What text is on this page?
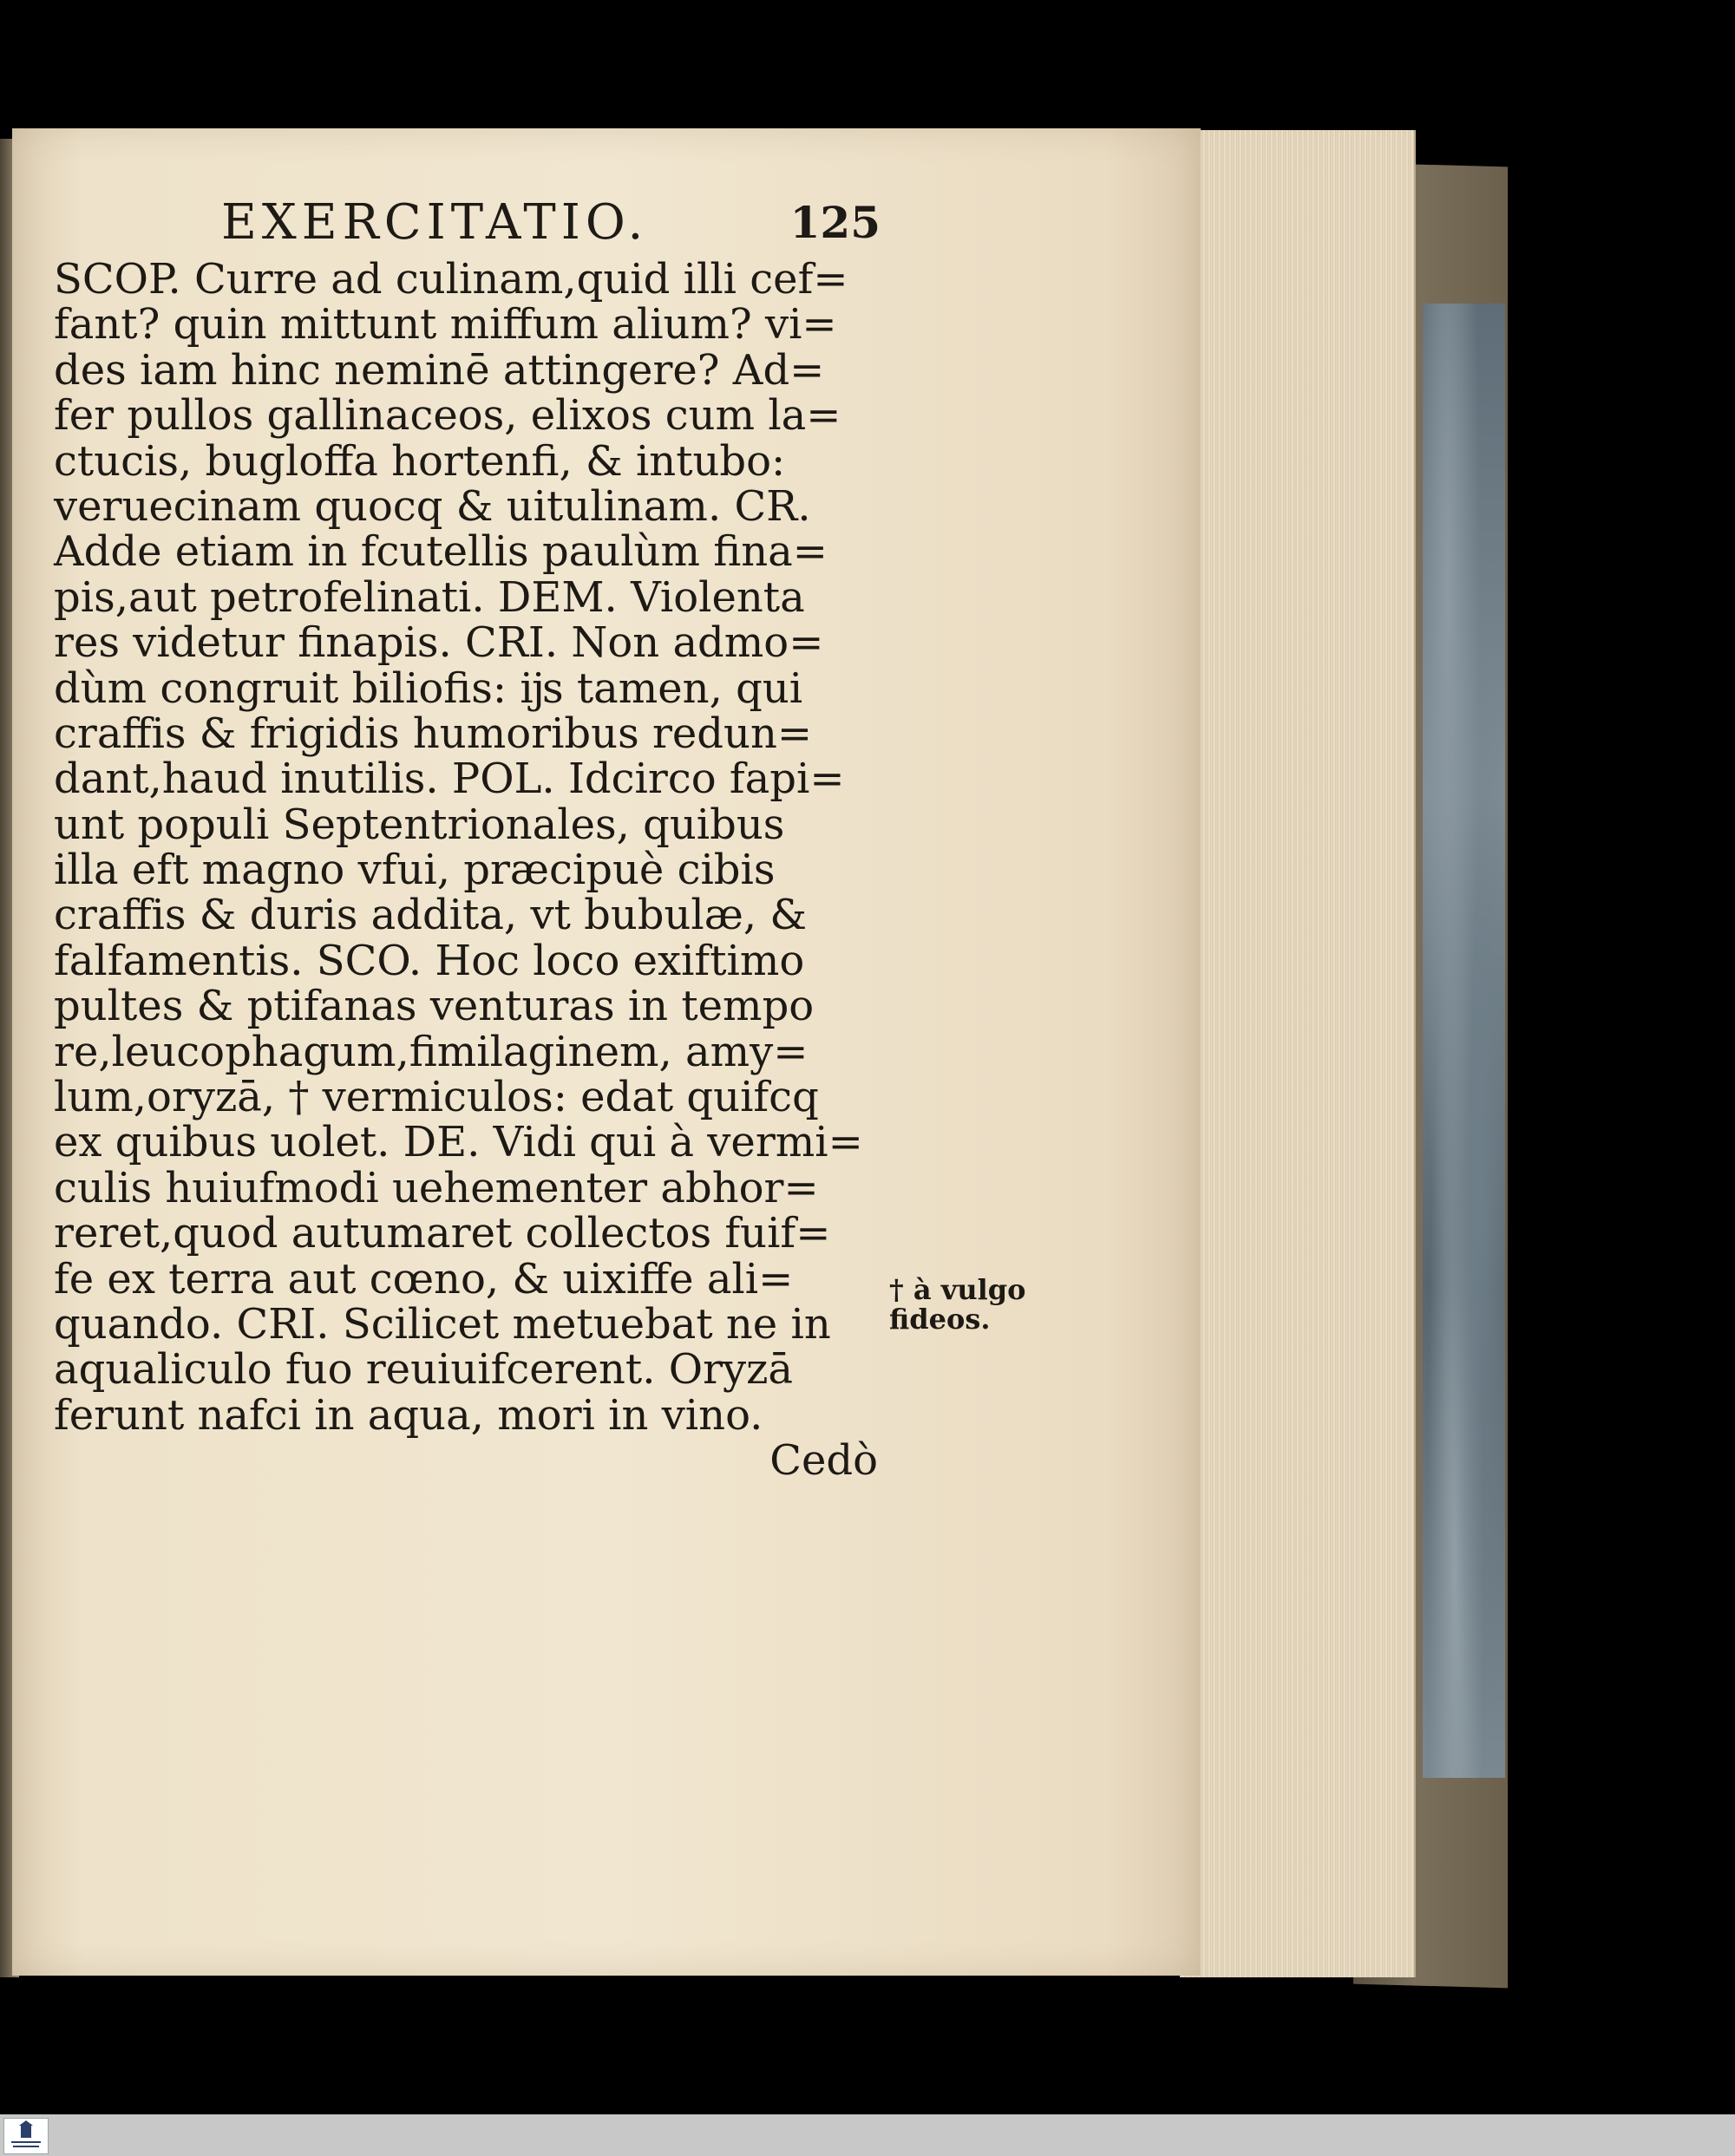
EXERCITATIO.	125
SCOP. Curre ad culinam,quid illi cef=
fant? quin mittunt miffum alium? vi=
des iam hinc neminē attingere? Ad=
fer pullos gallinaceos, elixos cum la=
ctucis, bugloffa hortenfi, & intubo:
veruecinam quocq & uitulinam. CR.
Adde etiam in fcutellis paulùm fina=
pis,aut petrofelinati. DEM. Violenta
res videtur finapis. CRI. Non admo=
dùm congruit biliofis: ĳs tamen, qui
craffis & frigidis humoribus redun=
dant,haud inutilis. POL. Idcirco fapi=
unt populi Septentrionales, quibus
illa eft magno vfui, præcipuè cibis
craffis & duris addita, vt bubulæ, &
falfamentis. SCO. Hoc loco exiftimo
pultes & ptifanas venturas in tempo
re,leucophagum,fimilaginem, amy=
lum,oryzā, † vermiculos: edat quifcq
ex quibus uolet. DE. Vidi qui à vermi=
culis huiufmodi uehementer abhor=
reret,quod autumaret collectos fuif=
fe ex terra aut cœno, & uixiffe ali=
quando. CRI. Scilicet metuebat ne in
aqualiculo fuo reuiuifcerent. Oryzā
ferunt nafci in aqua, mori in vino.
Cedò
† à vulgo
fideos.
